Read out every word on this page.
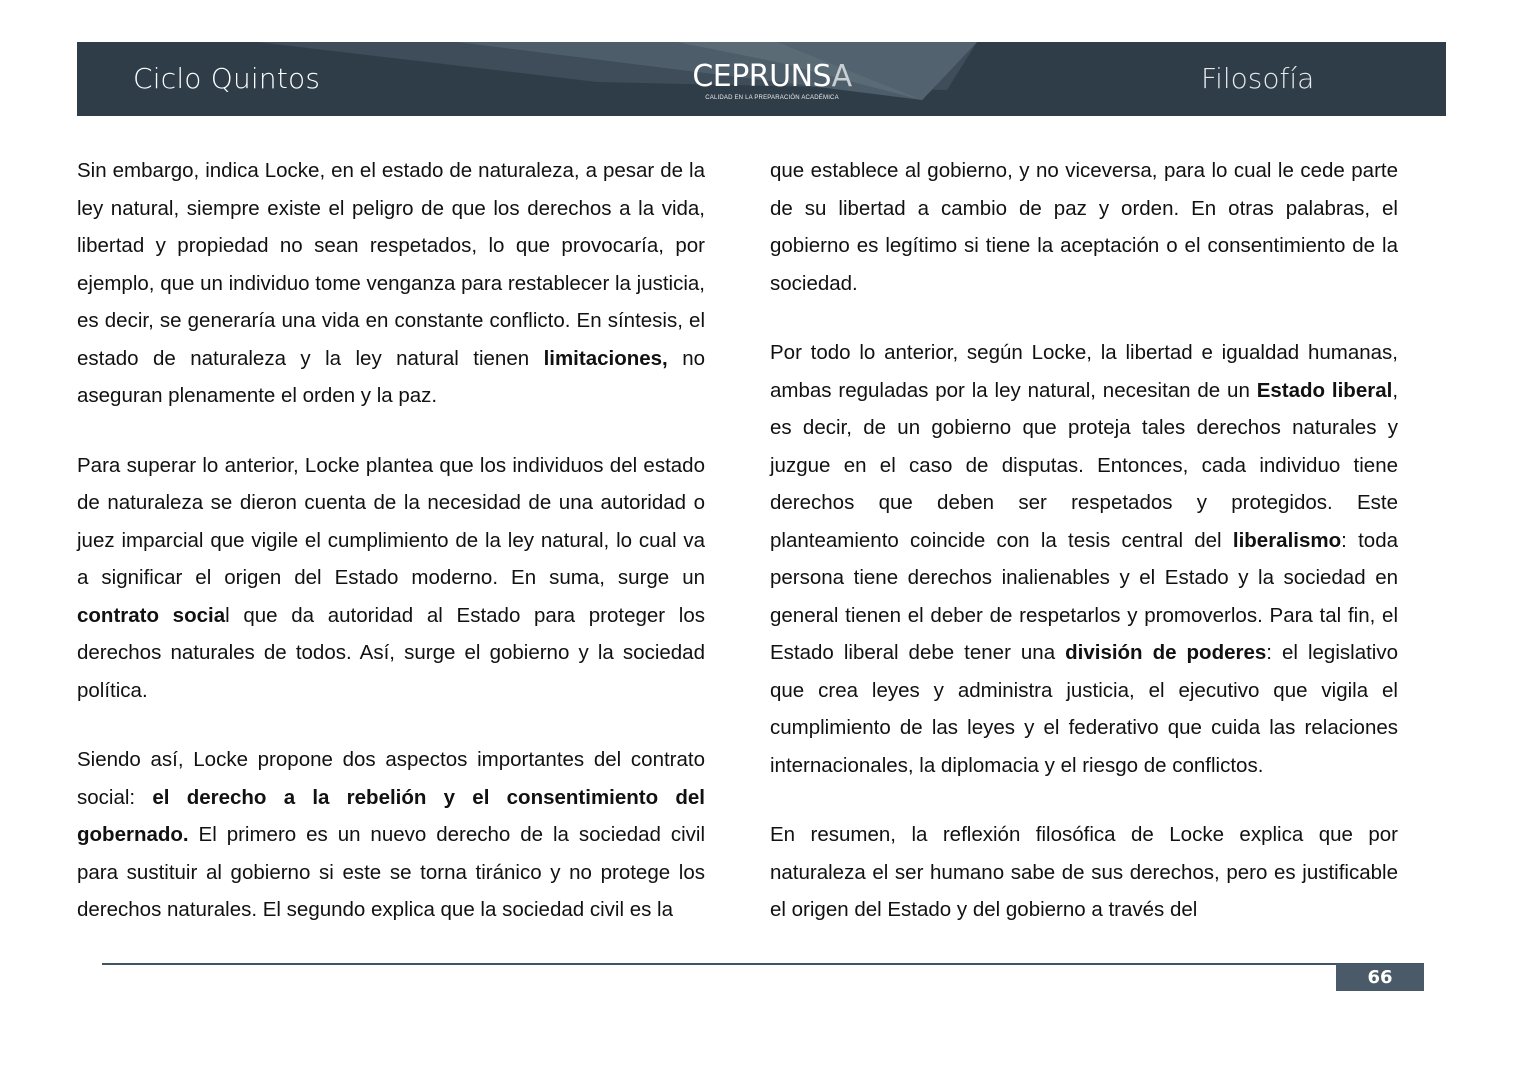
Ciclo Quintos	CEPRUNSA
CALIDAD EN LA PREPARACIÓN ACADÉMICA
Filosofía

Sin embargo, indica Locke, en el estado de naturaleza, a pesar de la ley natural, siempre existe el peligro de que los derechos a la vida, libertad y propiedad no sean respetados, lo que provocaría, por ejemplo, que un individuo tome venganza para restablecer la justicia, es decir, se generaría una vida en constante conflicto. En síntesis, el estado de naturaleza y la ley natural tienen limitaciones, no aseguran plenamente el orden y la paz.

Para superar lo anterior, Locke plantea que los individuos del estado de naturaleza se dieron cuenta de la necesidad de una autoridad o juez imparcial que vigile el cumplimiento de la ley natural, lo cual va a significar el origen del Estado moderno. En suma, surge un contrato social que da autoridad al Estado para proteger los derechos naturales de todos. Así, surge el gobierno y la sociedad política.

Siendo así, Locke propone dos aspectos importantes del contrato social: el derecho a la rebelión y el consentimiento del gobernado. El primero es un nuevo derecho de la sociedad civil para sustituir al gobierno si este se torna tiránico y no protege los derechos naturales. El segundo explica que la sociedad civil es la

que establece al gobierno, y no viceversa, para lo cual le cede parte de su libertad a cambio de paz y orden. En otras palabras, el gobierno es legítimo si tiene la aceptación o el consentimiento de la sociedad.

Por todo lo anterior, según Locke, la libertad e igualdad humanas, ambas reguladas por la ley natural, necesitan de un Estado liberal, es decir, de un gobierno que proteja tales derechos naturales y juzgue en el caso de disputas. Entonces, cada individuo tiene derechos que deben ser respetados y protegidos. Este planteamiento coincide con la tesis central del liberalismo: toda persona tiene derechos inalienables y el Estado y la sociedad en general tienen el deber de respetarlos y promoverlos. Para tal fin, el Estado liberal debe tener una división de poderes: el legislativo que crea leyes y administra justicia, el ejecutivo que vigila el cumplimiento de las leyes y el federativo que cuida las relaciones internacionales, la diplomacia y el riesgo de conflictos.

En resumen, la reflexión filosófica de Locke explica que por naturaleza el ser humano sabe de sus derechos, pero es justificable el origen del Estado y del gobierno a través del

66
